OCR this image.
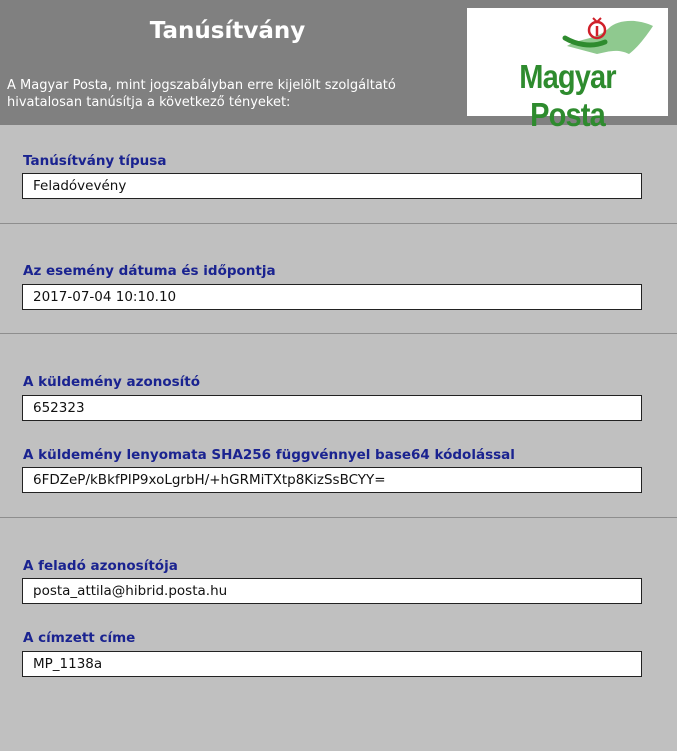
Tanúsítvány
A Magyar Posta, mint jogszabályban erre kijelölt szolgáltató
hivatalosan tanúsítja a következő tényeket:
Magyar Posta
Tanúsítvány típusa
Feladóvevény
Az esemény dátuma és időpontja
2017-07-04 10:10.10
A küldemény azonosító
652323
A küldemény lenyomata SHA256 függvénnyel base64 kódolással
6FDZeP/kBkfPIP9xoLgrbH/+hGRMiTXtp8KizSsBCYY=
A feladó azonosítója
posta_attila@hibrid.posta.hu
A címzett címe
MP_1138a
